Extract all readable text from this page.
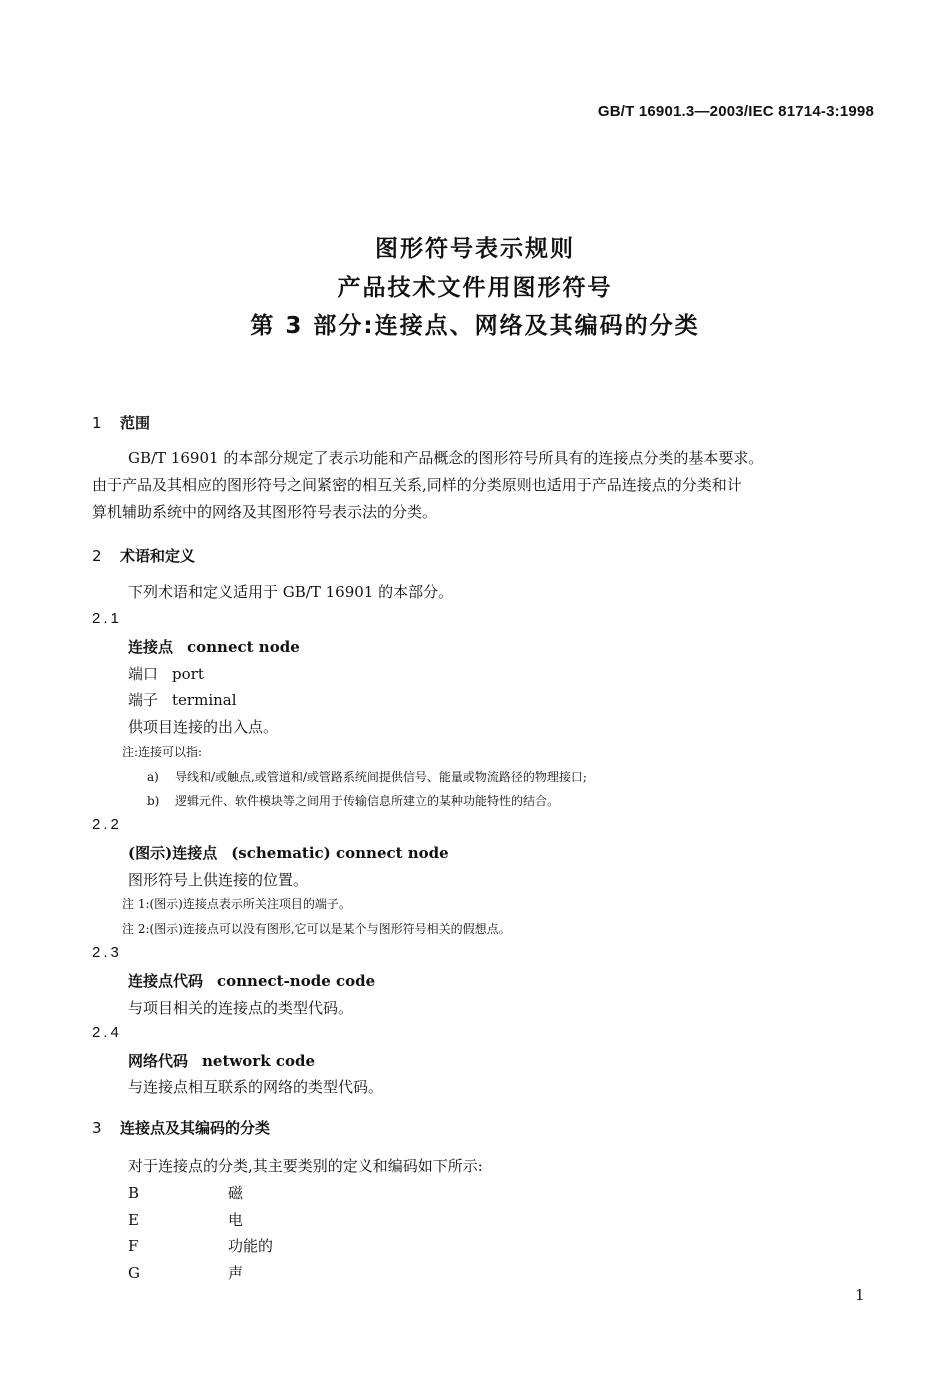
GB/T 16901.3—2003/IEC 81714-3:1998
图形符号表示规则
产品技术文件用图形符号
第 3 部分:连接点、网络及其编码的分类
1 范围
GB/T 16901 的本部分规定了表示功能和产品概念的图形符号所具有的连接点分类的基本要求。
由于产品及其相应的图形符号之间紧密的相互关系,同样的分类原则也适用于产品连接点的分类和计
算机辅助系统中的网络及其图形符号表示法的分类。
2 术语和定义
下列术语和定义适用于 GB/T 16901 的本部分。
2.1
连接点 connect node
端口 port
端子 terminal
供项目连接的出入点。
注:连接可以指:
a) 导线和/或触点,或管道和/或管路系统间提供信号、能量或物流路径的物理接口;
b) 逻辑元件、软件模块等之间用于传输信息所建立的某种功能特性的结合。
2.2
(图示)连接点 (schematic) connect node
图形符号上供连接的位置。
注 1:(图示)连接点表示所关注项目的端子。
注 2:(图示)连接点可以没有图形,它可以是某个与图形符号相关的假想点。
2.3
连接点代码 connect-node code
与项目相关的连接点的类型代码。
2.4
网络代码 network code
与连接点相互联系的网络的类型代码。
3 连接点及其编码的分类
对于连接点的分类,其主要类别的定义和编码如下所示:
B	磁
E	电
F	功能的
G	声
1
